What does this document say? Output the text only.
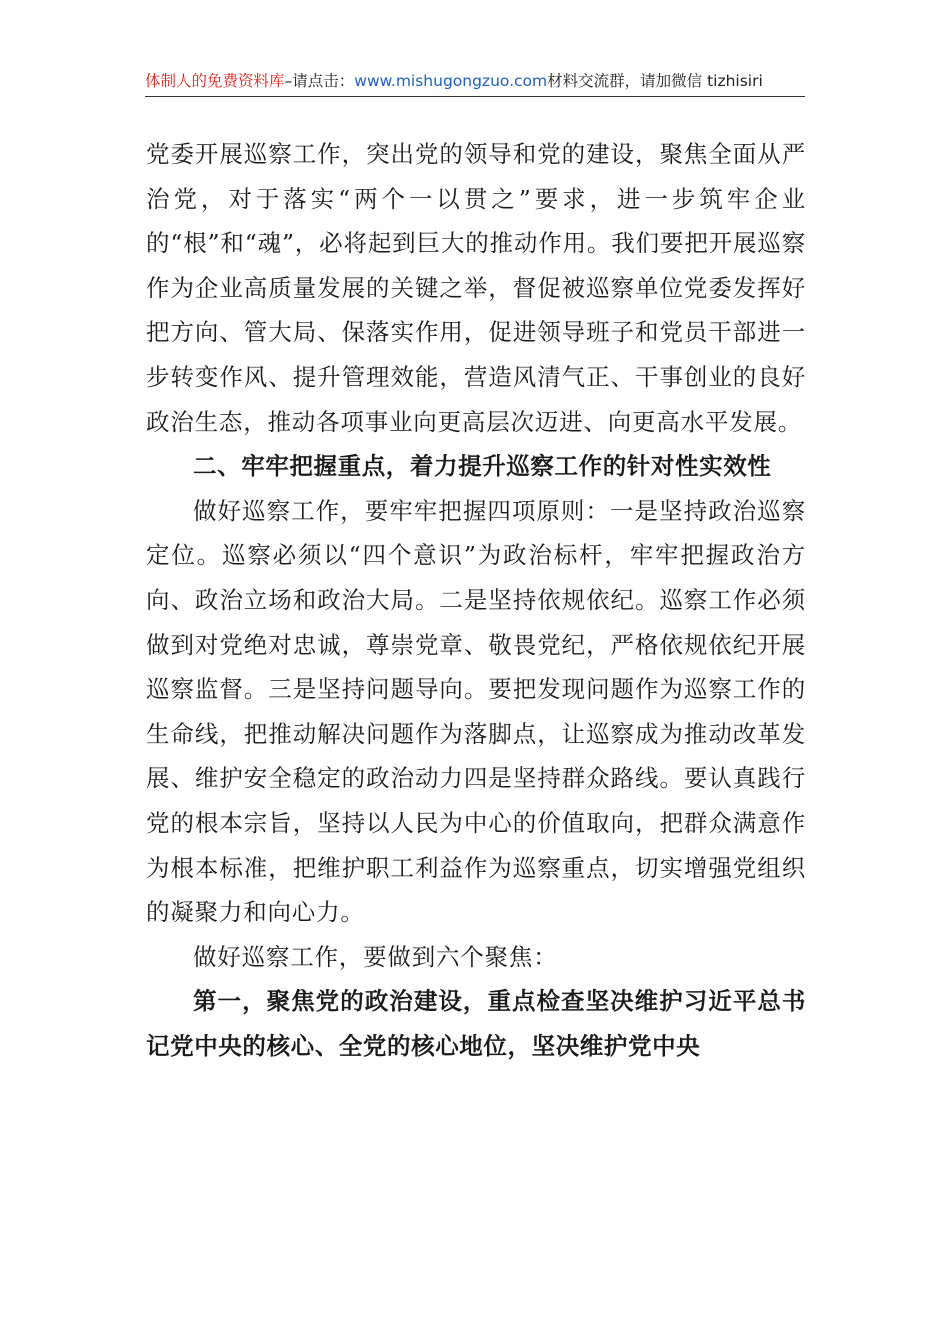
体制人的免费资料库–请点击：www.mishugongzuo.com材料交流群，请加微信 tizhisiri

党委开展巡察工作，突出党的领导和党的建设，聚焦全面从严治党，对于落实“两个一以贯之”要求，进一步筑牢企业的“根”和“魂”，必将起到巨大的推动作用。我们要把开展巡察作为企业高质量发展的关键之举，督促被巡察单位党委发挥好把方向、管大局、保落实作用，促进领导班子和党员干部进一步转变作风、提升管理效能，营造风清气正、干事创业的良好政治生态，推动各项事业向更高层次迈进、向更高水平发展。

二、牢牢把握重点，着力提升巡察工作的针对性实效性

做好巡察工作，要牢牢把握四项原则：一是坚持政治巡察定位。巡察必须以“四个意识”为政治标杆，牢牢把握政治方向、政治立场和政治大局。二是坚持依规依纪。巡察工作必须做到对党绝对忠诚，尊崇党章、敬畏党纪，严格依规依纪开展巡察监督。三是坚持问题导向。要把发现问题作为巡察工作的生命线，把推动解决问题作为落脚点，让巡察成为推动改革发展、维护安全稳定的政治动力四是坚持群众路线。要认真践行党的根本宗旨，坚持以人民为中心的价值取向，把群众满意作为根本标准，把维护职工利益作为巡察重点，切实增强党组织的凝聚力和向心力。

做好巡察工作，要做到六个聚焦：

第一，聚焦党的政治建设，重点检查坚决维护习近平总书记党中央的核心、全党的核心地位，坚决维护党中央
